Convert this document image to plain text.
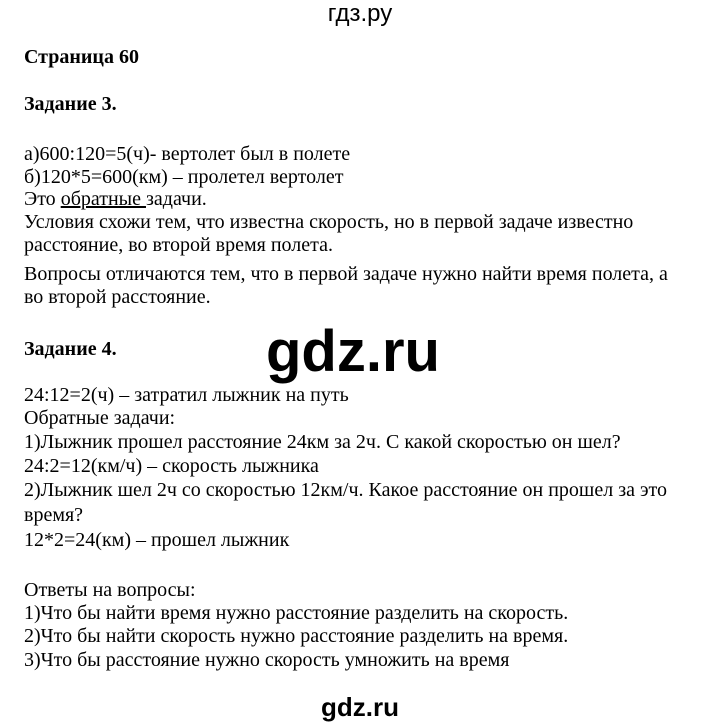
гдз.ру
Страница 60
Задание 3.
а)600:120=5(ч)- вертолет был в полете
б)120*5=600(км) – пролетел вертолет
Это обратные задачи.
Условия схожи тем, что известна скорость, но в первой задаче известно
расстояние, во второй время полета.
Вопросы отличаются тем, что в первой задаче нужно найти время полета, а
во второй расстояние.
gdz.ru
Задание 4.
24:12=2(ч) – затратил лыжник на путь
Обратные задачи:
1)Лыжник прошел расстояние 24км за 2ч. С какой скоростью он шел?
24:2=12(км/ч) – скорость лыжника
2)Лыжник шел 2ч со скоростью 12км/ч. Какое расстояние он прошел за это
время?
12*2=24(км) – прошел лыжник
Ответы на вопросы:
1)Что бы найти время нужно расстояние разделить на скорость.
2)Что бы найти скорость нужно расстояние разделить на время.
3)Что бы расстояние нужно скорость умножить на время
gdz.ru
